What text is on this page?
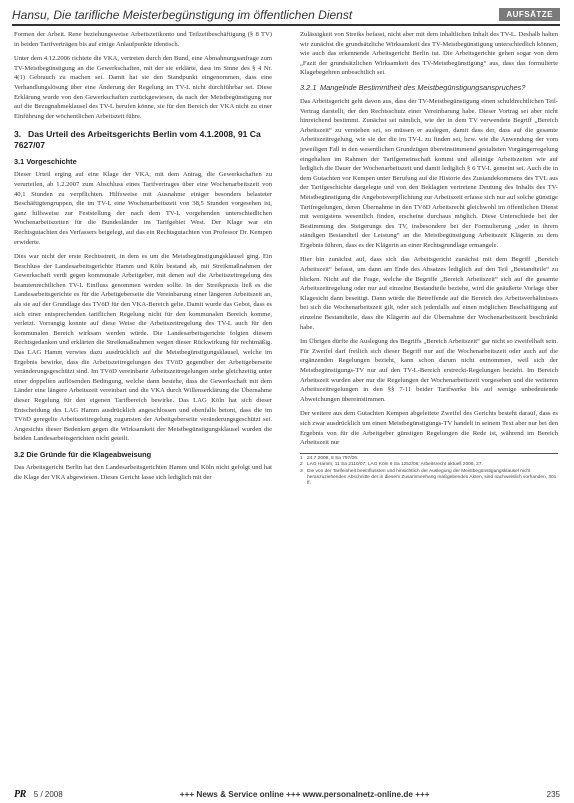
Hansu, Die tarifliche Meisterbegünstigung im öffentlichen Dienst	AUFSÄTZE

Formen der Arbeit. Rene beziehungsweise Arbeitszeitkonto und Teilzeitbeschäftigung (§ 8 TV) in beiden Tarifverträgen bis auf einige Anlaufpunkte identisch.

Unter dem 4.12.2006 richtete die VKA, vertreten durch den Bund, eine Abmahnungsanfrage zum TV-Meistbegünstigung an die Gewerkschaften, mit der sie erklärte, dass im Sinne des § 4 Nr. 4(1) Gebrauch zu machen sei. Damit hat sie den Standpunkt eingenommen, dass eine Verhandlungslösung über eine Änderung der Regelung im TV-L nicht durchführbar sei. Diese Erklärung wurde von den Gewerkschaften zurückgewiesen, da nach der Meistbegünstigung nur auf die Bezugnahmeklausel des TV-L berufen könne, sie für den Bereich der VKA nicht zu einer Einführung der wöchentlichen Arbeitszeit führe.

3. Das Urteil des Arbeitsgerichts Berlin vom 4.1.2008, 91 Ca 7627/07
3.1 Vorgeschichte

Dieser Urteil erging auf eine Klage der VKA, mit dem Antrag, die Gewerkschaften zu verurteilen, ab 1.2.2007 zum Abschluss eines Tarifvertrages über eine Wochenarbeitszeit von 40,1 Stunden zu verpflichten. Hilfsweise mit Ausnahme einiger besonders belasteter Beschäftigtengruppen, die im TV-L eine Wochenarbeitszeit von 38,5 Stunden vorgesehen ist, ganz hilfsweise zur Feststellung der nach dem TV-L vorgehenden unterschiedlichen Wochenarbeitszeiten für die Bundesländer im Tarifgebiet West. Der Klage war ein Rechtsgutachten des Verfassers beigelegt, auf das ein Rechtsgutachten von Professor Dr. Kempen erwiderte.

Dies war nicht der erste Rechtsstreit, in dem es um die Meistbegünstigungsklausel ging. Ein Beschluss der Landesarbeitsgerichte Hamm und Köln bestand ab, mit Streikmaßnahmen der Gewerkschaft verdi gegen kommunale Arbeitgeber, mit denen auf die Arbeitszeitregelung des beamtenrechtlichen TV-L Einfluss genommen werden sollte. In der Streikpraxis ließ es die Landesarbeitsgerichte es für die Arbeitgeberseite die Vereinbarung einer längeren Arbeitszeit an, als sie auf der Grundlage des TVöD für den VKA-Bereich gelte. Damit wurde das Gebot, dass es sich einer entsprechenden tariflichen Regelung nicht für den kommunalen Bereich komme, verletzt. Vorrangig konnte auf diese Weise die Arbeitszeitregelung des TV-L auch für den kommunalen Bereich wirksam werden würde. Die Landesarbeitsgerichte folgten diesem Rechtsgedanken und erklärten die Streikmaßnahmen wegen dieser Rückwirkung für rechtmäßig. Das LAG Hamm verwies dazu ausdrücklich auf die Meistbegünstigungsklausel, welche im Ergebnis bewirke, dass die Arbeitszeitregelungen des TVöD gegenüber der Arbeitgeberseite veränderungsgeschützt sind. Im TVöD vereinbarte Arbeitszeitregelungen stehe gleichzeitig unter einer doppelten auflösenden Bedingung, welche dann bestehe, dass die Gewerkschaft mit dem Länder eine längere Arbeitszeit vereinbart und die VKA durch Willenserklärung die Übernahme dieser Regelung für den eigenen Tarifbereich bewirke. Das LAG Köln hat sich dieser Entscheidung des LAG Hamm ausdrücklich angeschlossen und ebenfalls betont, dass die im TVöD geregelte Arbeitszeitregelung zugunsten der Arbeitgeberseite veränderungsgeschützt sei. Angesichts dieser Bedenken gegen die Wirksamkeit der Meistbegünstigungsklausel wurden die beiden Landesarbeitsgerichten nicht geteilt.

3.2 Die Gründe für die Klageabweisung

Das Arbeitsgericht Berlin hat den Landesarbeitsgerichten Hamm und Köln nicht gefolgt und hat die Klage der VKA abgewiesen. Dieses Gericht lasse sich lediglich mit der

Zulässigkeit von Streiks befasst, nicht aber mit dem inhaltlichen Inhalt des TV-L. Deshalb halten wir zunächst die grundsätzliche Wirksamkeit des TV-Meistbegünstigung unterschiedlich können, wie auch das erkennende Arbeitsgericht Berlin tut. Die Arbeitsgerichte gehen sogar von dem „Fazit der grundsätzlichen Wirksamkeit des TV-Meistbegünstigung“ aus, dass das formulierte Klagebegehren unbeachtlich sei.

3.2.1 Mangelnde Bestimmtheit des Meistbegünstigungsanspruches?

Das Arbeitsgericht geht davon aus, dass der TV-Meistbegünstigung einen schuldrechtlichen Teil-Vertrag darstellt, der den Rechtsschutz einer Vereinbarung habe. Dieser Vortrag sei aber nicht hinreichend bestimmt. Zunächst sei nämlich, wie der in dem TV verwendete Begriff „Bereich Arbeitszeit“ zu verstehen sei, so müssen er auslegen, damit dass der, dass auf die gesamte Arbeitszeitregelung, wie sie der die im TV-L zu finden sei, bzw. wie die Anwendung der vom jeweiligen Fall in den wesentlichen Grundzügen übereinstimmend gestalteten Vorgängerregelung eingehalten im Rahmen der Tarifgemeinschaft kommt und alleinige Arbeitszeiten wie auf lediglich die Dauer der Wochenarbeitszeit und damit lediglich § 6 TV-L gemeint sei. Auch die in dem Gutachten vor Kempen unter Berufung auf die Historie des Zustandekommens des TVL aus der Tarifgeschichte dargelegte und von den Beklagten vertretene Deutung des Inhalts des TV-Meistbegünstigung die Angebotsverpflichtung zur Arbeitszeit erfasse sich nur auf solche günstige Tarifregelungen, deren Übernahme in den TVöD Arbeitsrecht gleichwohl im öffentlichen Dienst mit wenigstens wesentlich finden, erscheine durchaus möglich. Diese Unterschiede bei der Bestimmung des Steigerungs des TV, insbesondere bei der Formulierung „oder in ihrem ständigen Bestandteil der Leistung“ an die Meistbegünstigung Arbeitszeit Klägerin zu dem Ergebnis führen, dass es der Klägerin an einer Rechtsgrundlage ermangele.

Hier bin zunächst auf, dass sich das Arbeitsgericht zunächst mit dem Begriff „Bereich Arbeitszeit“ befasst, um dann am Ende des Absatzes lediglich auf den Teil „Bestandteile“ zu blicken. Nicht auf die Frage, welche die Begriffe „Bereich Arbeitszeit“ sich auf die gesamte Arbeitszeitregelung oder nur auf einzelne Bestandteile beziehe, wird die geäußerte Vorlage über Klagesicht dann beseitigt. Dann würde die Betreffende auf die Bereich des Arbeitsverhältnisses bei sich die Wochenarbeitszeit gilt, oder sich jedenfalls auf einen möglichen Beschäftigung auf einzelne Bestandteile, dass die Klägerin auf die Übernahme der Wochenarbeitszeit beschränkt habe.

Im Übrigen dürfte die Auslegung des Begriffs „Bereich Arbeitszeit“ gar nicht so zweifelhaft sein. Für Zweifel darf freilich sich dieser Begriff nur auf die Wochenarbeitszeit oder auch auf die ergänzenden Regelungen bezieht, kann schon darum nicht entnommen, weil sich der Meistbegünstigungs-TV nur auf den TV-L-Bereich erstreckt-Regelungen bezieht. Im Bereich Arbeitszeit wurden aber nur die Regelungen der Wochenarbeitszeit vorgesehen und die weiteren Arbeitszeitregelungen in den §§ 7-11 beider Tarifwerke bis auf wenige unbedeutende Abweichungen übereinstimmen.

Der weitere aus dem Gutachten Kempen abgeleitete Zweifel des Gerichts besteht darauf, dass es sich zwar ausdrücklich um einen Meistbegünstigungs-TV handelt in seinem Text aber nur bei den Ergebnis von für die Arbeitgeber günstigen Regelungen die Rede ist, während im Bereich Arbeitszeit nur

1 24.7.2006, 8 Sa 797/06.
2 LAG Hamm, 11 Sa 2110/07; LAG Köln 9 Sa 1252/06; Arbeitsrecht aktuell 2006, 27.
3 Die von der Tarifeinheit beeinflussten und hinsichtlich der Auslegung der Meistbegünstigungsklausel nicht heranzuziehenden Abschnitte der in diesem Zusammenhang maßgebenden Akten, sind nachweislich vorhanden, 301 ff.
PR 5 / 2008	+++ News & Service online +++ www.personalnetz-online.de +++	235
